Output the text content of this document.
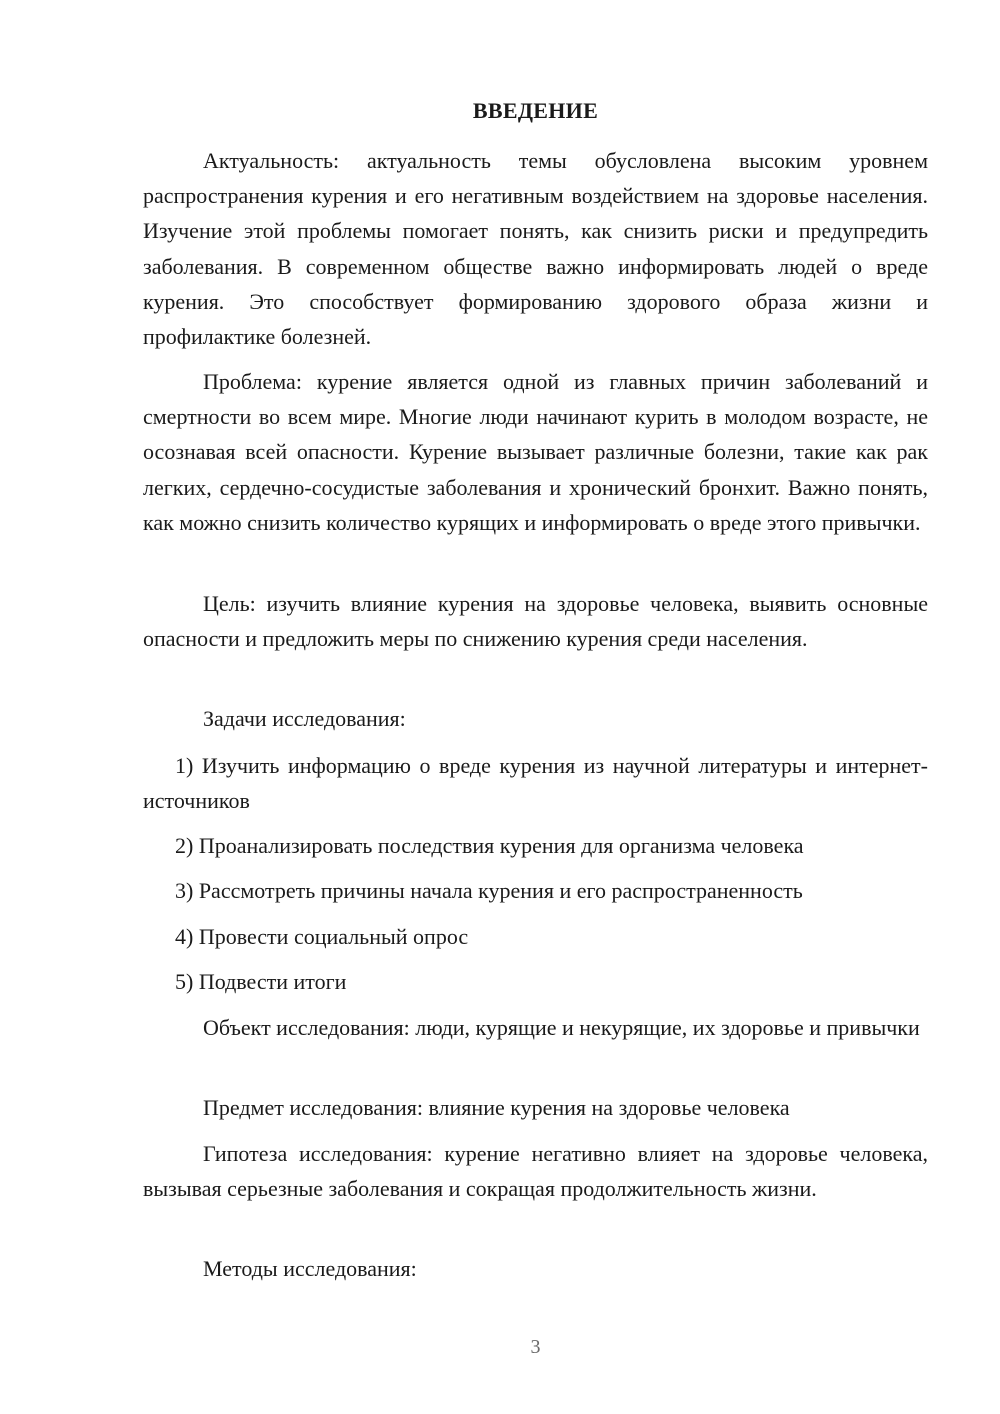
ВВЕДЕНИЕ

Актуальность: актуальность темы обусловлена высоким уровнем распространения курения и его негативным воздействием на здоровье населения. Изучение этой проблемы помогает понять, как снизить риски и предупредить заболевания. В современном обществе важно информировать людей о вреде курения. Это способствует формированию здорового образа жизни и профилактике болезней.

Проблема: курение является одной из главных причин заболеваний и смертности во всем мире. Многие люди начинают курить в молодом возрасте, не осознавая всей опасности. Курение вызывает различные болезни, такие как рак легких, сердечно-сосудистые заболевания и хронический бронхит. Важно понять, как можно снизить количество курящих и информировать о вреде этого привычки.

Цель: изучить влияние курения на здоровье человека, выявить основные опасности и предложить меры по снижению курения среди населения.

Задачи исследования:

1) Изучить информацию о вреде курения из научной литературы и интернет-источников

2) Проанализировать последствия курения для организма человека

3) Рассмотреть причины начала курения и его распространенность

4) Провести социальный опрос

5) Подвести итоги

Объект исследования: люди, курящие и некурящие, их здоровье и привычки

Предмет исследования: влияние курения на здоровье человека

Гипотеза исследования: курение негативно влияет на здоровье человека, вызывая серьезные заболевания и сокращая продолжительность жизни.

Методы исследования:

3
